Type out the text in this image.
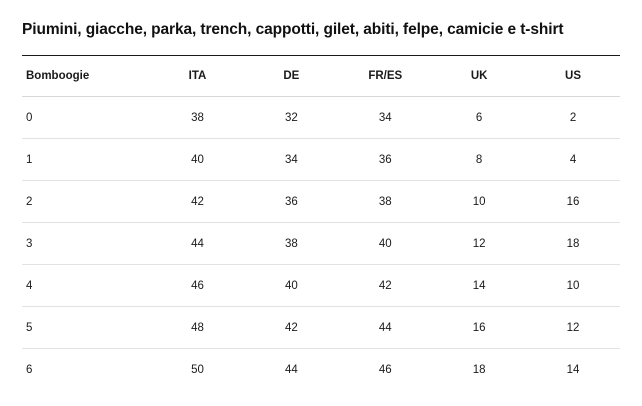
Piumini, giacche, parka, trench, cappotti, gilet, abiti, felpe, camicie e t-shirt
Bomboogie	ITA	DE	FR/ES	UK	US
0	38	32	34	6	2
1	40	34	36	8	4
2	42	36	38	10	16
3	44	38	40	12	18
4	46	40	42	14	10
5	48	42	44	16	12
6	50	44	46	18	14
